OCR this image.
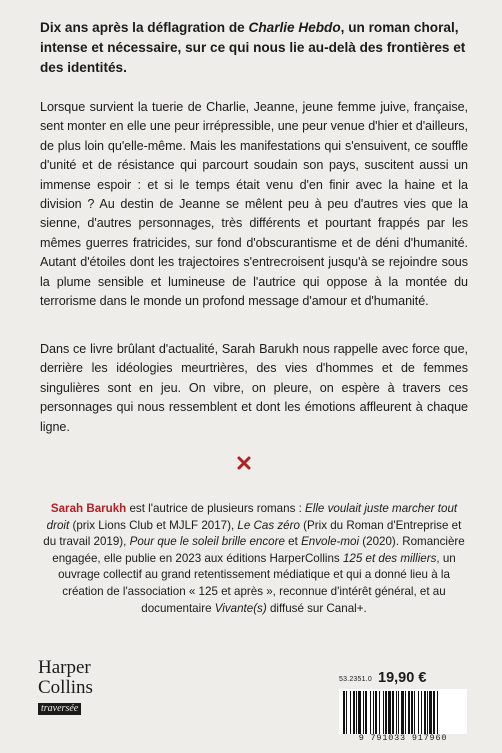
Dix ans après la déflagration de Charlie Hebdo, un roman choral, intense et nécessaire, sur ce qui nous lie au-delà des frontières et des identités.

Lorsque survient la tuerie de Charlie, Jeanne, jeune femme juive, française, sent monter en elle une peur irrépressible, une peur venue d'hier et d'ailleurs, de plus loin qu'elle-même. Mais les manifestations qui s'ensuivent, ce souffle d'unité et de résistance qui parcourt soudain son pays, suscitent aussi un immense espoir : et si le temps était venu d'en finir avec la haine et la division ? Au destin de Jeanne se mêlent peu à peu d'autres vies que la sienne, d'autres personnages, très différents et pourtant frappés par les mêmes guerres fratricides, sur fond d'obscurantisme et de déni d'humanité. Autant d'étoiles dont les trajectoires s'entrecroisent jusqu'à se rejoindre sous la plume sensible et lumineuse de l'autrice qui oppose à la montée du terrorisme dans le monde un profond message d'amour et d'humanité.

Dans ce livre brûlant d'actualité, Sarah Barukh nous rappelle avec force que, derrière les idéologies meurtrières, des vies d'hommes et de femmes singulières sont en jeu. On vibre, on pleure, on espère à travers ces personnages qui nous ressemblent et dont les émotions affleurent à chaque ligne.

Sarah Barukh est l'autrice de plusieurs romans : Elle voulait juste marcher tout droit (prix Lions Club et MJLF 2017), Le Cas zéro (Prix du Roman d'Entreprise et du travail 2019), Pour que le soleil brille encore et Envole-moi (2020). Romancière engagée, elle publie en 2023 aux éditions HarperCollins 125 et des milliers, un ouvrage collectif au grand retentissement médiatique et qui a donné lieu à la création de l'association « 125 et après », reconnue d'intérêt général, et au documentaire Vivante(s) diffusé sur Canal+.

Harper
Collins
traversée
53.2351.0 19,90 €
9 791033 917960
